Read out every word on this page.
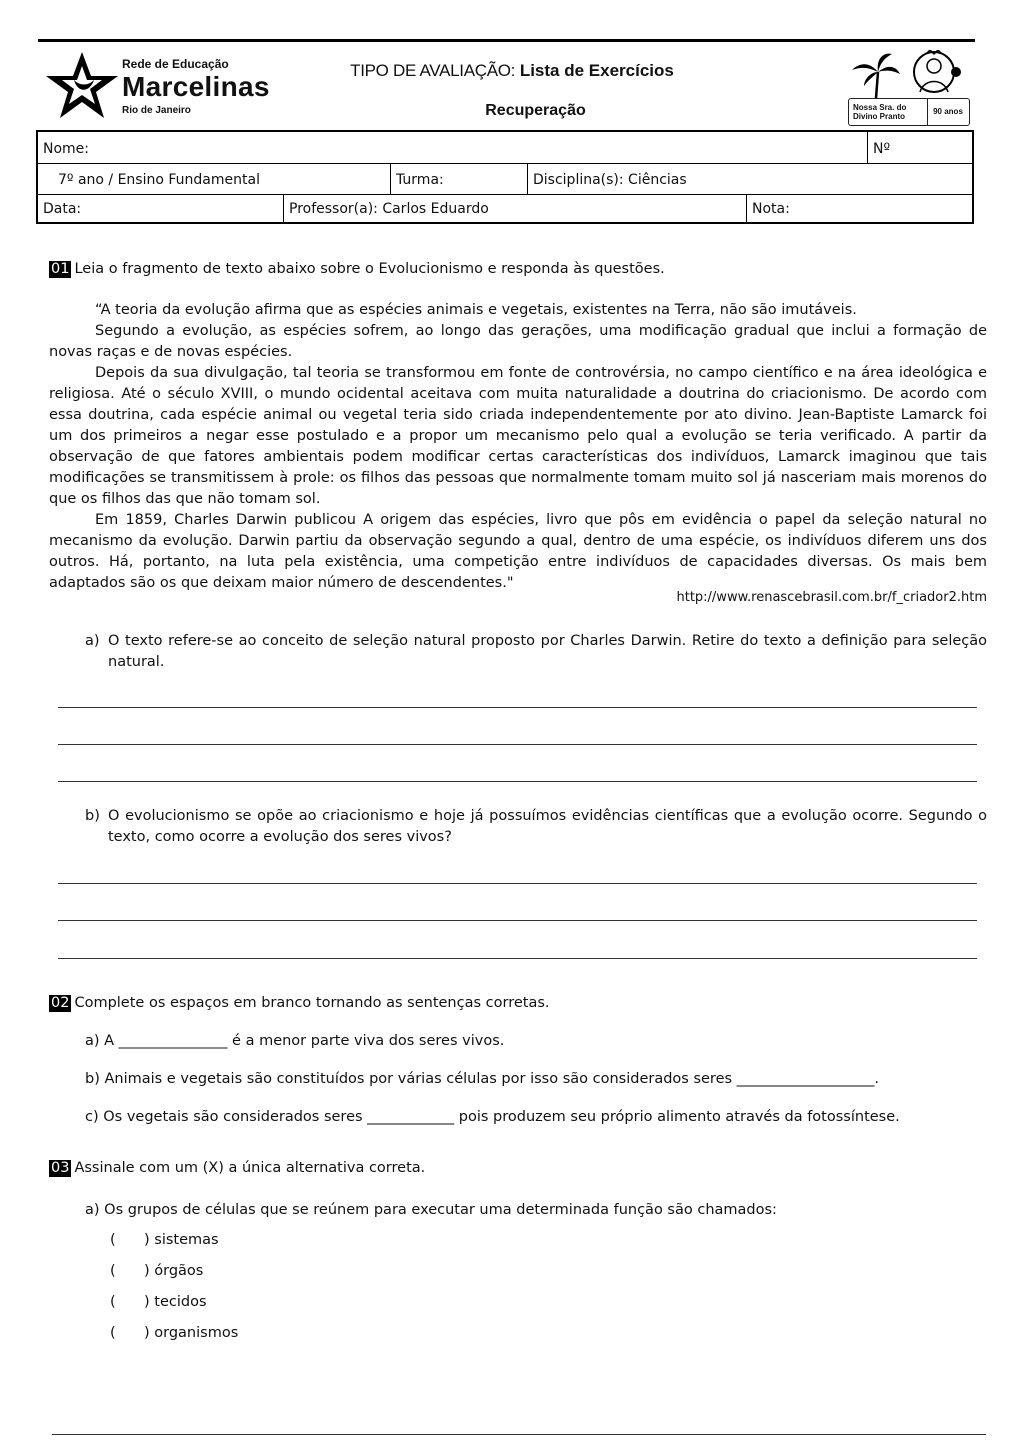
Rede de Educação
Marcelinas
Rio de Janeiro
TIPO DE AVALIAÇÃO: Lista de Exercícios
Recuperação	Nossa Sra. do Divino Pranto
90 anos
Nome:	Nº
7º ano / Ensino Fundamental	Turma:	Disciplina(s): Ciências
Data:	Professor(a): Carlos Eduardo	Nota:
01 Leia o fragmento de texto abaixo sobre o Evolucionismo e responda às questões.
“A teoria da evolução afirma que as espécies animais e vegetais, existentes na Terra, não são imutáveis.
Segundo a evolução, as espécies sofrem, ao longo das gerações, uma modificação gradual que inclui a formação de novas raças e de novas espécies.
Depois da sua divulgação, tal teoria se transformou em fonte de controvérsia, no campo científico e na área ideológica e religiosa. Até o século XVIII, o mundo ocidental aceitava com muita naturalidade a doutrina do criacionismo. De acordo com essa doutrina, cada espécie animal ou vegetal teria sido criada independentemente por ato divino. Jean-Baptiste Lamarck foi um dos primeiros a negar esse postulado e a propor um mecanismo pelo qual a evolução se teria verificado. A partir da observação de que fatores ambientais podem modificar certas características dos indivíduos, Lamarck imaginou que tais modificações se transmitissem à prole: os filhos das pessoas que normalmente tomam muito sol já nasceriam mais morenos do que os filhos das que não tomam sol.
Em 1859, Charles Darwin publicou A origem das espécies, livro que pôs em evidência o papel da seleção natural no mecanismo da evolução. Darwin partiu da observação segundo a qual, dentro de uma espécie, os indivíduos diferem uns dos outros. Há, portanto, na luta pela existência, uma competição entre indivíduos de capacidades diversas. Os mais bem adaptados são os que deixam maior número de descendentes."
http://www.renascebrasil.com.br/f_criador2.htm
a) O texto refere-se ao conceito de seleção natural proposto por Charles Darwin. Retire do texto a definição para seleção natural.
b) O evolucionismo se opõe ao criacionismo e hoje já possuímos evidências científicas que a evolução ocorre. Segundo o texto, como ocorre a evolução dos seres vivos?
02 Complete os espaços em branco tornando as sentenças corretas.
a) A _______________ é a menor parte viva dos seres vivos.
b) Animais e vegetais são constituídos por várias células por isso são considerados seres ___________________.
c) Os vegetais são considerados seres ____________ pois produzem seu próprio alimento através da fotossíntese.
03 Assinale com um (X) a única alternativa correta.
a) Os grupos de células que se reúnem para executar uma determinada função são chamados:
( ) sistemas
( ) órgãos
( ) tecidos
( ) organismos
